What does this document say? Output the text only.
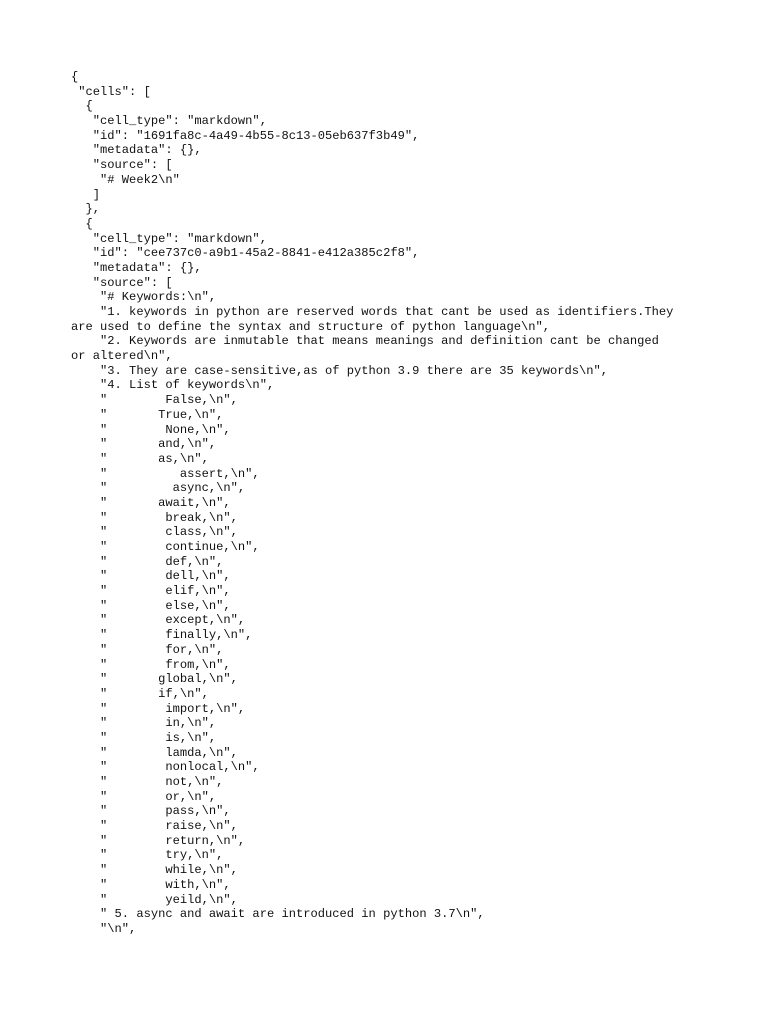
{
"cells": [
{
"cell_type": "markdown",
"id": "1691fa8c-4a49-4b55-8c13-05eb637f3b49",
"metadata": {},
"source": [
"# Week2\n"
]
},
{
"cell_type": "markdown",
"id": "cee737c0-a9b1-45a2-8841-e412a385c2f8",
"metadata": {},
"source": [
"# Keywords:\n",
"1. keywords in python are reserved words that cant be used as identifiers.They
are used to define the syntax and structure of python language\n",
"2. Keywords are inmutable that means meanings and definition cant be changed
or altered\n",
"3. They are case-sensitive,as of python 3.9 there are 35 keywords\n",
"4. List of keywords\n",
"        False,\n",
"       True,\n",
"        None,\n",
"       and,\n",
"       as,\n",
"          assert,\n",
"         async,\n",
"       await,\n",
"        break,\n",
"        class,\n",
"        continue,\n",
"        def,\n",
"        dell,\n",
"        elif,\n",
"        else,\n",
"        except,\n",
"        finally,\n",
"        for,\n",
"        from,\n",
"       global,\n",
"       if,\n",
"        import,\n",
"        in,\n",
"        is,\n",
"        lamda,\n",
"        nonlocal,\n",
"        not,\n",
"        or,\n",
"        pass,\n",
"        raise,\n",
"        return,\n",
"        try,\n",
"        while,\n",
"        with,\n",
"        yeild,\n",
" 5. async and await are introduced in python 3.7\n",
"\n",
